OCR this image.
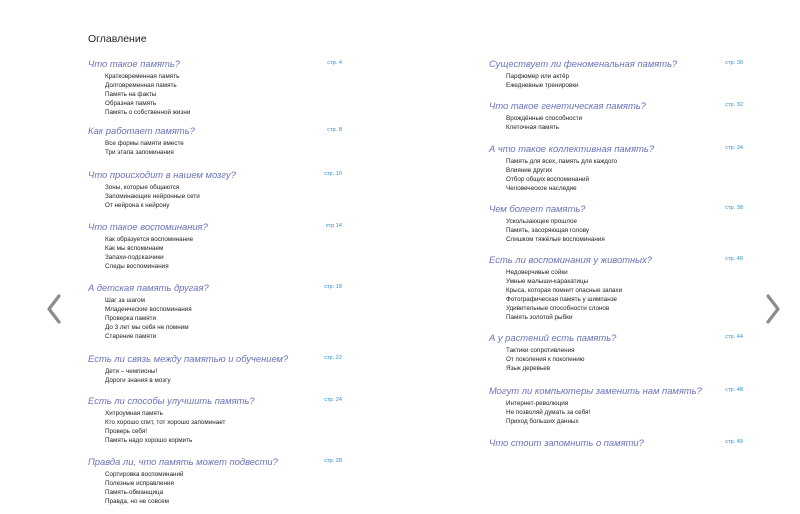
Оглавление
Что такое память?	стр. 4
Кратковременная память
Долговременная память
Память на факты
Образная память
Память о собственной жизни
Как работает память?	стр. 8
Все формы памяти вместе
Три этапа запоминания
Что происходит в нашем мозгу?	стр. 10
Зоны, которые общаются
Запоминающие нейронные сети
От нейрона к нейрону
Что такое воспоминания?	стр 14
Как образуется воспоминание
Как мы вспоминаем
Запахи-подсказчики
Следы воспоминания
А детская память другая?	стр. 18
Шаг за шагом
Младенческие воспоминания
Проверка памяти
До 3 лет мы себя не помним
Старение памяти
Есть ли связь между памятью и обучением?	стр. 22
Дети – чемпионы!
Дороги знания в мозгу
Есть ли способы улучшить память?	стр. 24
Хитроумная память
Кто хорошо спит, тот хорошо запоминает
Проверь себя!
Память надо хорошо кормить
Правда ли, что память может подвести?	стр. 28
Сортировка воспоминаний
Полезные исправления
Память-обманщица
Правда, но не совсем
Существует ли феноменальная память?	стр. 30
Парфюмер или актёр
Ежедневные тренировки
Что такое генетическая память?	стр. 32
Врождённые способности
Клеточная память
А что такое коллективная память?	стр. 34
Память для всех, память для каждого
Влияние других
Отбор общих воспоминаний
Человеческое наследие
Чем болеет память?	стр. 38
Ускользающее прошлое
Память, засоряющая голову
Слишком тяжёлые воспоминания
Есть ли воспоминания у животных?	стр. 40
Недоверчивые сойки
Умные малыши-каракатицы
Крыса, которая помнит опасные запахи
Фотографическая память у шимпанзе
Удивительные способности слонов
Память золотой рыбки
А у растений есть память?	стр. 44
Тактики сопротивления
От поколения к поколению
Язык деревьев
Могут ли компьютеры заменить нам память?	стр. 48
Интернет-революция
Не позволяй думать за себя!
Приход больших данных
Что стоит запомнить о памяти?	стр. 49
